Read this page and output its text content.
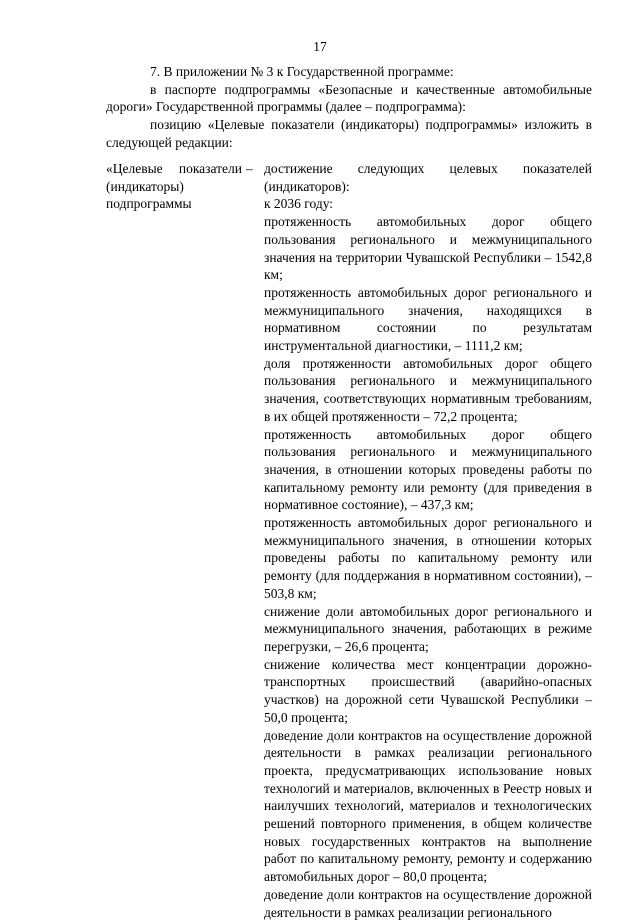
17

7. В приложении № 3 к Государственной программе:

в паспорте подпрограммы «Безопасные и качественные автомобильные дороги» Государственной программы (далее – подпрограмма):

позицию «Целевые показатели (индикаторы) подпрограммы» изложить в следующей редакции:

«Целевые показатели (индикаторы) подпрограммы

– достижение следующих целевых показателей (индикаторов):

к 2036 году:

протяженность автомобильных дорог общего пользования регионального и межмуниципального значения на территории Чувашской Республики – 1542,8 км;

протяженность автомобильных дорог регионального и межмуниципального значения, находящихся в нормативном состоянии по результатам инструментальной диагностики, – 1111,2 км;

доля протяженности автомобильных дорог общего пользования регионального и межмуниципального значения, соответствующих нормативным требованиям, в их общей протяженности – 72,2 процента;

протяженность автомобильных дорог общего пользования регионального и межмуниципального значения, в отношении которых проведены работы по капитальному ремонту или ремонту (для приведения в нормативное состояние), – 437,3 км;

протяженность автомобильных дорог регионального и межмуниципального значения, в отношении которых проведены работы по капитальному ремонту или ремонту (для поддержания в нормативном состоянии), – 503,8 км;

снижение доли автомобильных дорог регионального и межмуниципального значения, работающих в режиме перегрузки, – 26,6 процента;

снижение количества мест концентрации дорожно-транспортных происшествий (аварийно-опасных участков) на дорожной сети Чувашской Республики – 50,0 процента;

доведение доли контрактов на осуществление дорожной деятельности в рамках реализации регионального проекта, предусматривающих использование новых технологий и материалов, включенных в Реестр новых и наилучших технологий, материалов и технологических решений повторного применения, в общем количестве новых государственных контрактов на выполнение работ по капитальному ремонту, ремонту и содержанию автомобильных дорог – 80,0 процента;

доведение доли контрактов на осуществление дорожной деятельности в рамках реализации регионального
